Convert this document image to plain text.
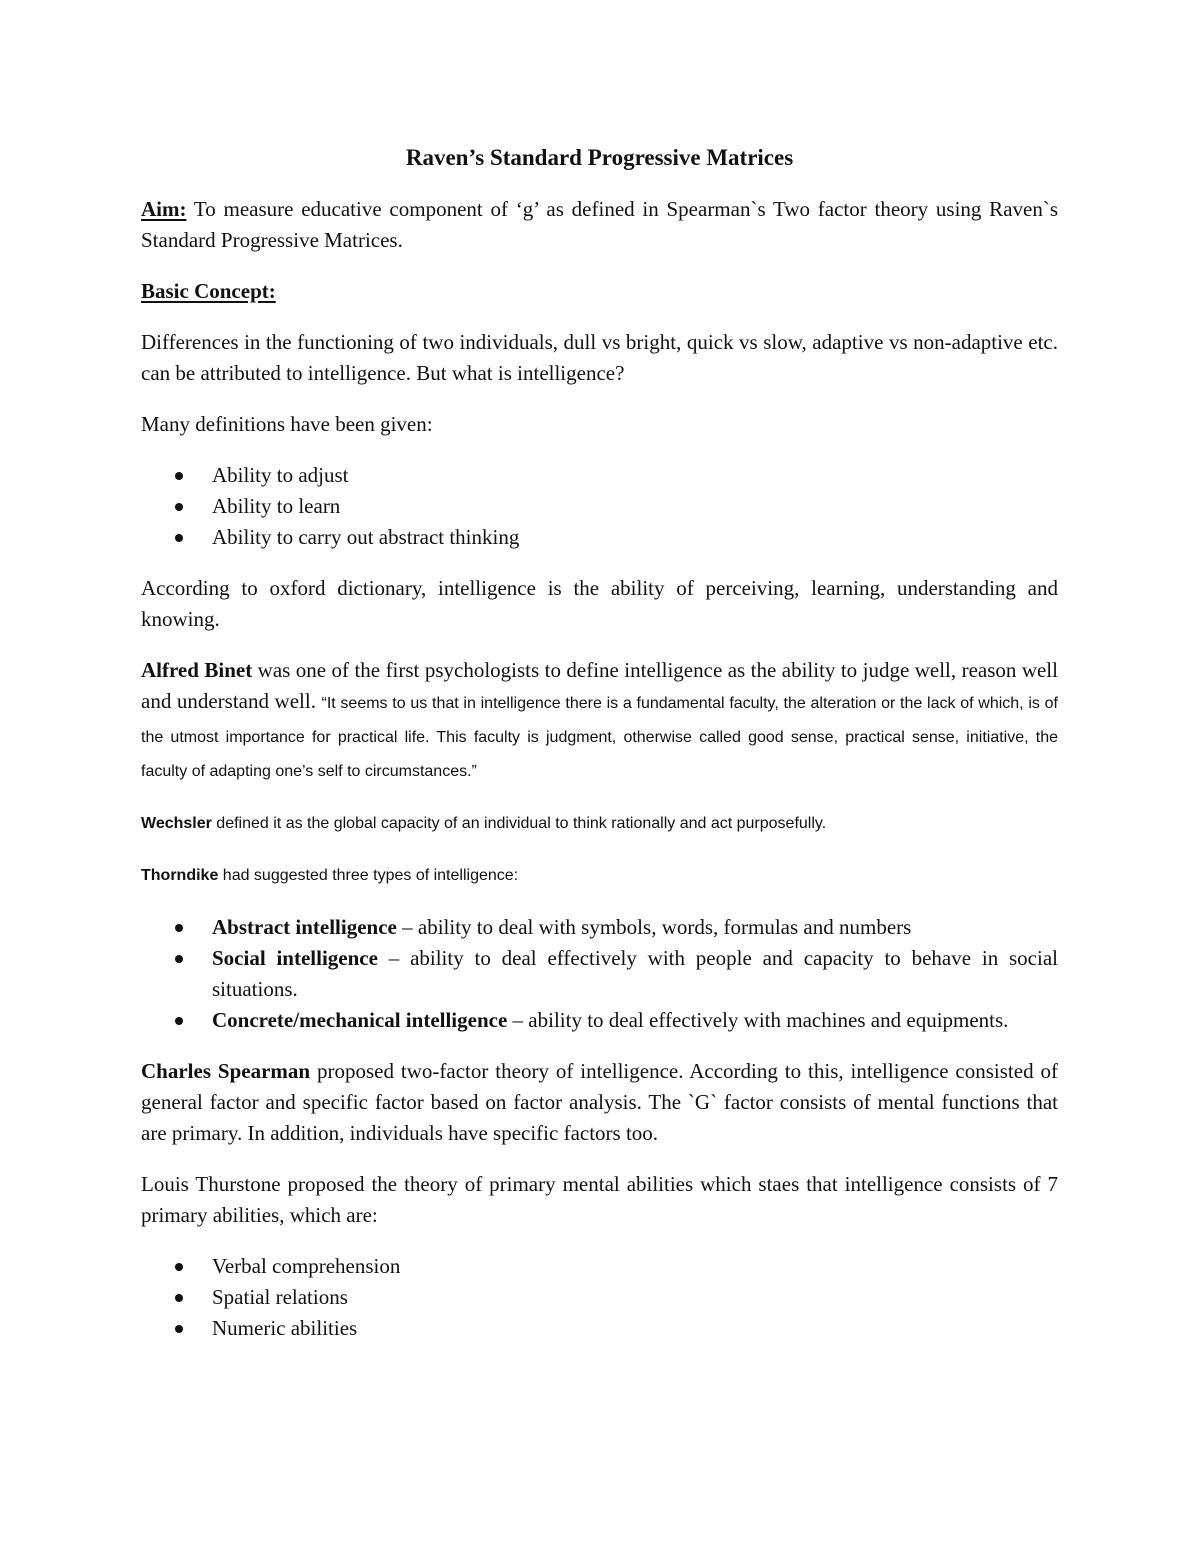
Raven’s Standard Progressive Matrices

Aim: To measure educative component of ‘g’ as defined in Spearman`s Two factor theory using Raven`s Standard Progressive Matrices.

Basic Concept:

Differences in the functioning of two individuals, dull vs bright, quick vs slow, adaptive vs non-adaptive etc. can be attributed to intelligence. But what is intelligence?

Many definitions have been given:

Ability to adjust
Ability to learn
Ability to carry out abstract thinking

According to oxford dictionary, intelligence is the ability of perceiving, learning, understanding and knowing.

Alfred Binet was one of the first psychologists to define intelligence as the ability to judge well, reason well and understand well. “It seems to us that in intelligence there is a fundamental faculty, the alteration or the lack of which, is of the utmost importance for practical life. This faculty is judgment, otherwise called good sense, practical sense, initiative, the faculty of adapting one’s self to circumstances.”

Wechsler defined it as the global capacity of an individual to think rationally and act purposefully.

Thorndike had suggested three types of intelligence:

Abstract intelligence – ability to deal with symbols, words, formulas and numbers
Social intelligence – ability to deal effectively with people and capacity to behave in social situations.
Concrete/mechanical intelligence – ability to deal effectively with machines and equipments.

Charles Spearman proposed two-factor theory of intelligence. According to this, intelligence consisted of general factor and specific factor based on factor analysis. The `G` factor consists of mental functions that are primary. In addition, individuals have specific factors too.

Louis Thurstone proposed the theory of primary mental abilities which staes that intelligence consists of 7 primary abilities, which are:

Verbal comprehension
Spatial relations
Numeric abilities
